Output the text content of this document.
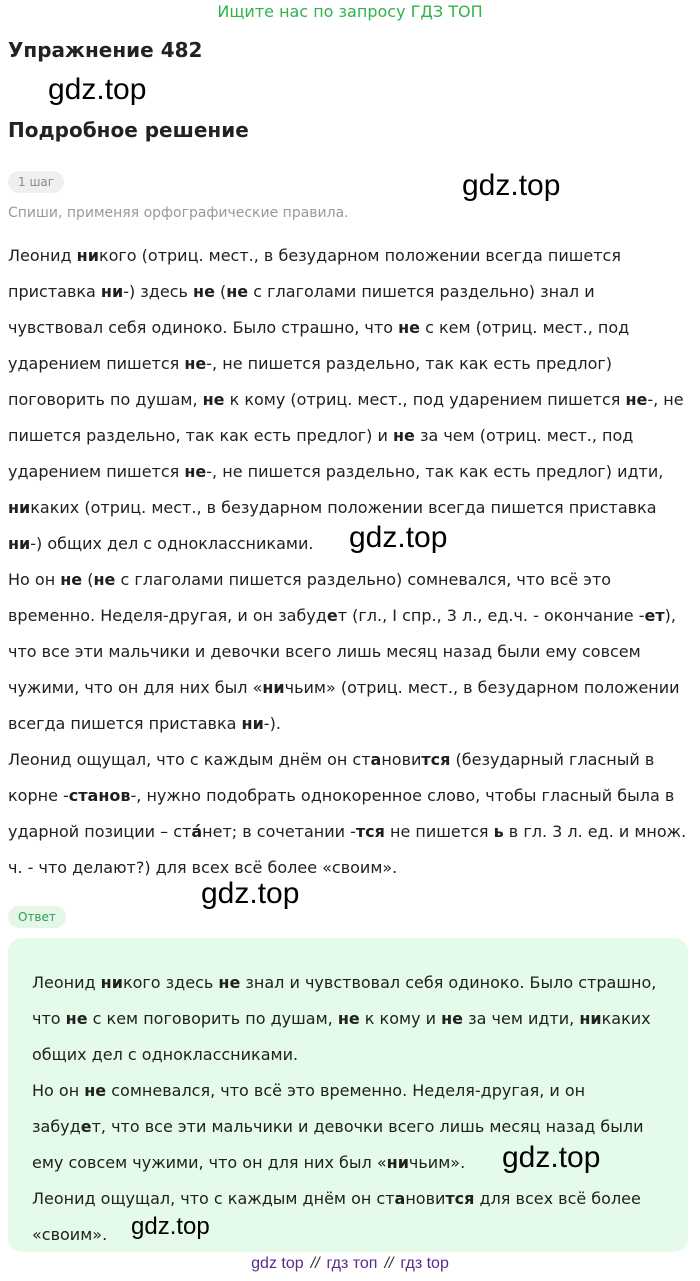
Ищите нас по запросу ГДЗ ТОП
Упражнение 482
gdz.top
Подробное решение
gdz.top
1 шаг
Спиши, применяя орфографические правила.

Леонид никого (отриц. мест., в безударном положении всегда пишется приставка ни-) здесь не (не с глаголами пишется раздельно) знал и чувствовал себя одиноко. Было страшно, что не с кем (отриц. мест., под ударением пишется не-, не пишется раздельно, так как есть предлог) поговорить по душам, не к кому (отриц. мест., под ударением пишется не-, не пишется раздельно, так как есть предлог) и не за чем (отриц. мест., под ударением пишется не-, не пишется раздельно, так как есть предлог) идти, никаких (отриц. мест., в безударном положении всегда пишется приставка ни-) общих дел с одноклассниками.

Но он не (не с глаголами пишется раздельно) сомневался, что всё это временно. Неделя-другая, и он забудет (гл., I спр., 3 л., ед.ч. - окончание -ет), что все эти мальчики и девочки всего лишь месяц назад были ему совсем чужими, что он для них был «ничьим» (отриц. мест., в безударном положении всегда пишется приставка ни-).

Леонид ощущал, что с каждым днём он становится (безударный гласный в корне -станов-, нужно подобрать однокоренное слово, чтобы гласный была в ударной позиции – ста́нет; в сочетании -тся не пишется ь в гл. 3 л. ед. и множ. ч. - что делают?) для всех всё более «своим».

gdz.top
gdz.top
Ответ

Леонид никого здесь не знал и чувствовал себя одиноко. Было страшно, что не с кем поговорить по душам, не к кому и не за чем идти, никаких общих дел с одноклассниками.

Но он не сомневался, что всё это временно. Неделя-другая, и он забудет, что все эти мальчики и девочки всего лишь месяц назад были ему совсем чужими, что он для них был «ничьим».

Леонид ощущал, что с каждым днём он становится для всех всё более «своим».

gdz.top
gdz.top
gdz top // гдз топ // гдз top
